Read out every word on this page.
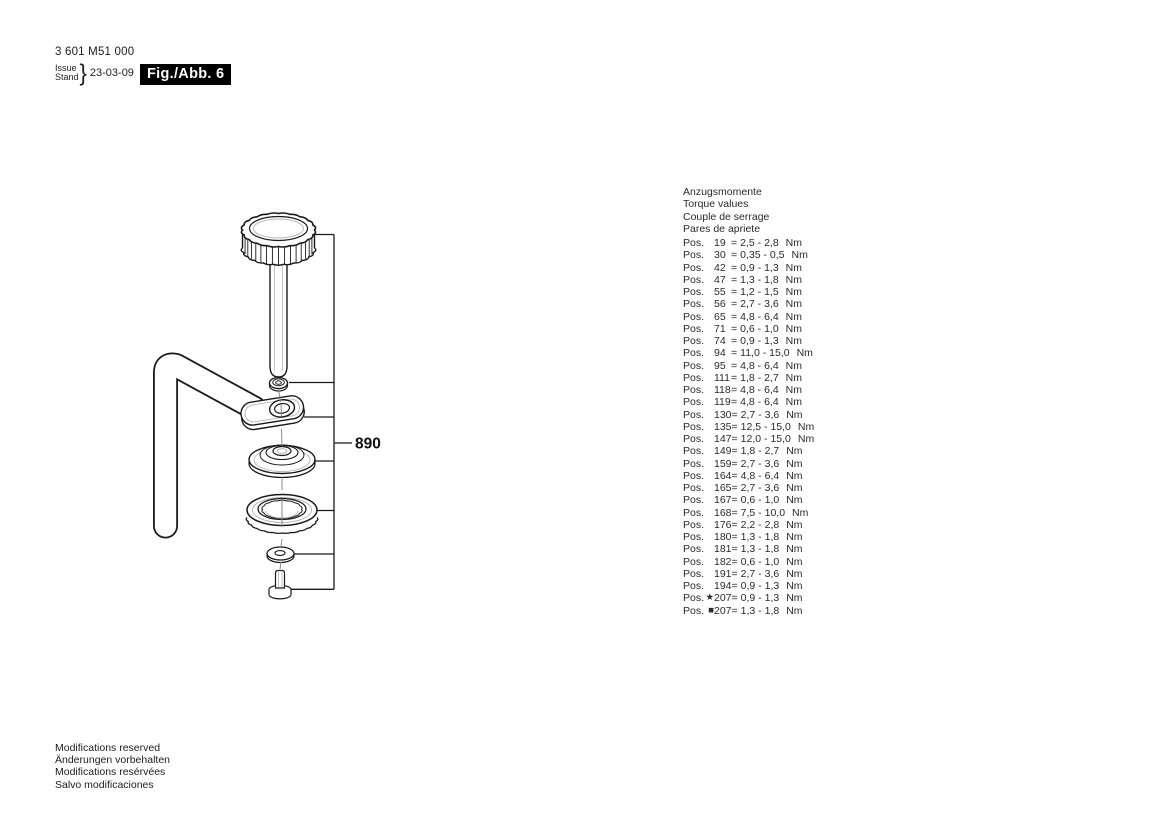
3 601 M51 000
Issue
Stand } 23-03-09 Fig./Abb. 6
890
Anzugsmomente
Torque values
Couple de serrage
Pares de apriete
Pos. 19 = 2,5 - 2,8 Nm
Pos. 30 = 0,35 - 0,5 Nm
Pos. 42 = 0,9 - 1,3 Nm
Pos. 47 = 1,3 - 1,8 Nm
Pos. 55 = 1,2 - 1,5 Nm
Pos. 56 = 2,7 - 3,6 Nm
Pos. 65 = 4,8 - 6,4 Nm
Pos. 71 = 0,6 - 1,0 Nm
Pos. 74 = 0,9 - 1,3 Nm
Pos. 94 = 11,0 - 15,0 Nm
Pos. 95 = 4,8 - 6,4 Nm
Pos. 111 = 1,8 - 2,7 Nm
Pos. 118 = 4,8 - 6,4 Nm
Pos. 119 = 4,8 - 6,4 Nm
Pos. 130 = 2,7 - 3,6 Nm
Pos. 135 = 12,5 - 15,0 Nm
Pos. 147 = 12,0 - 15,0 Nm
Pos. 149 = 1,8 - 2,7 Nm
Pos. 159 = 2,7 - 3,6 Nm
Pos. 164 = 4,8 - 6,4 Nm
Pos. 165 = 2,7 - 3,6 Nm
Pos. 167 = 0,6 - 1,0 Nm
Pos. 168 = 7,5 - 10,0 Nm
Pos. 176 = 2,2 - 2,8 Nm
Pos. 180 = 1,3 - 1,8 Nm
Pos. 181 = 1,3 - 1,8 Nm
Pos. 182 = 0,6 - 1,0 Nm
Pos. 191 = 2,7 - 3,6 Nm
Pos. 194 = 0,9 - 1,3 Nm
Pos. ★ 207 = 0,9 - 1,3 Nm
Pos. ■ 207 = 1,3 - 1,8 Nm
Modifications reserved
Änderungen vorbehalten
Modifications resérvées
Salvo modificaciones
